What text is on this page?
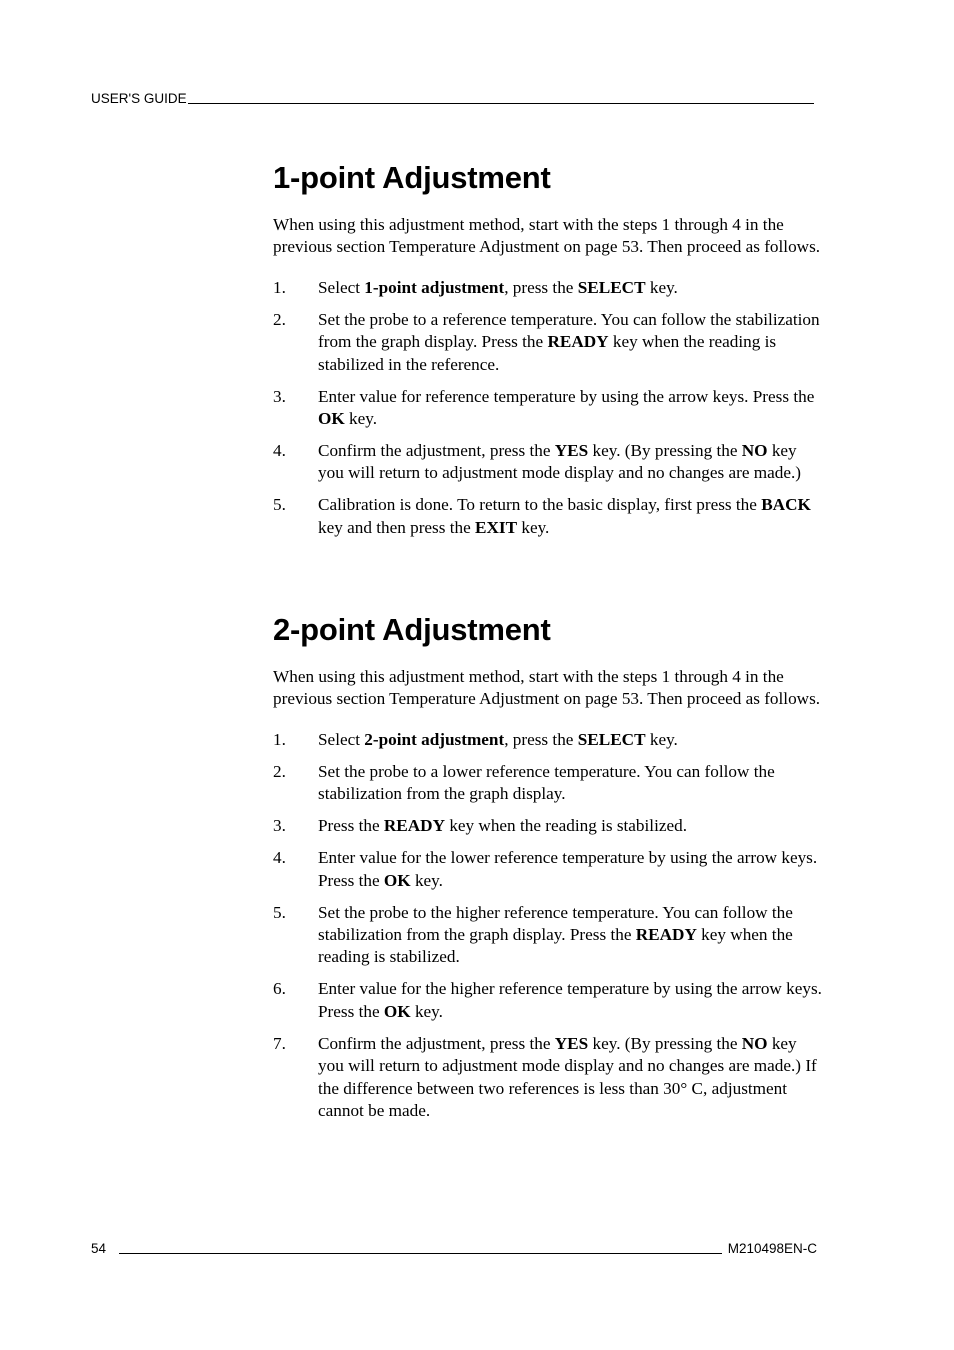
USER'S GUIDE
1-point Adjustment

When using this adjustment method, start with the steps 1 through 4 in the previous section Temperature Adjustment on page 53. Then proceed as follows.

1. Select 1-point adjustment, press the SELECT key.
2. Set the probe to a reference temperature. You can follow the stabilization from the graph display. Press the READY key when the reading is stabilized in the reference.
3. Enter value for reference temperature by using the arrow keys. Press the OK key.
4. Confirm the adjustment, press the YES key. (By pressing the NO key you will return to adjustment mode display and no changes are made.)
5. Calibration is done. To return to the basic display, first press the BACK key and then press the EXIT key.
2-point Adjustment

When using this adjustment method, start with the steps 1 through 4 in the previous section Temperature Adjustment on page 53. Then proceed as follows.

1. Select 2-point adjustment, press the SELECT key.
2. Set the probe to a lower reference temperature. You can follow the stabilization from the graph display.
3. Press the READY key when the reading is stabilized.
4. Enter value for the lower reference temperature by using the arrow keys. Press the OK key.
5. Set the probe to the higher reference temperature. You can follow the stabilization from the graph display. Press the READY key when the reading is stabilized.
6. Enter value for the higher reference temperature by using the arrow keys. Press the OK key.
7. Confirm the adjustment, press the YES key. (By pressing the NO key you will return to adjustment mode display and no changes are made.) If the difference between two references is less than 30° C, adjustment cannot be made.
54	M210498EN-C
